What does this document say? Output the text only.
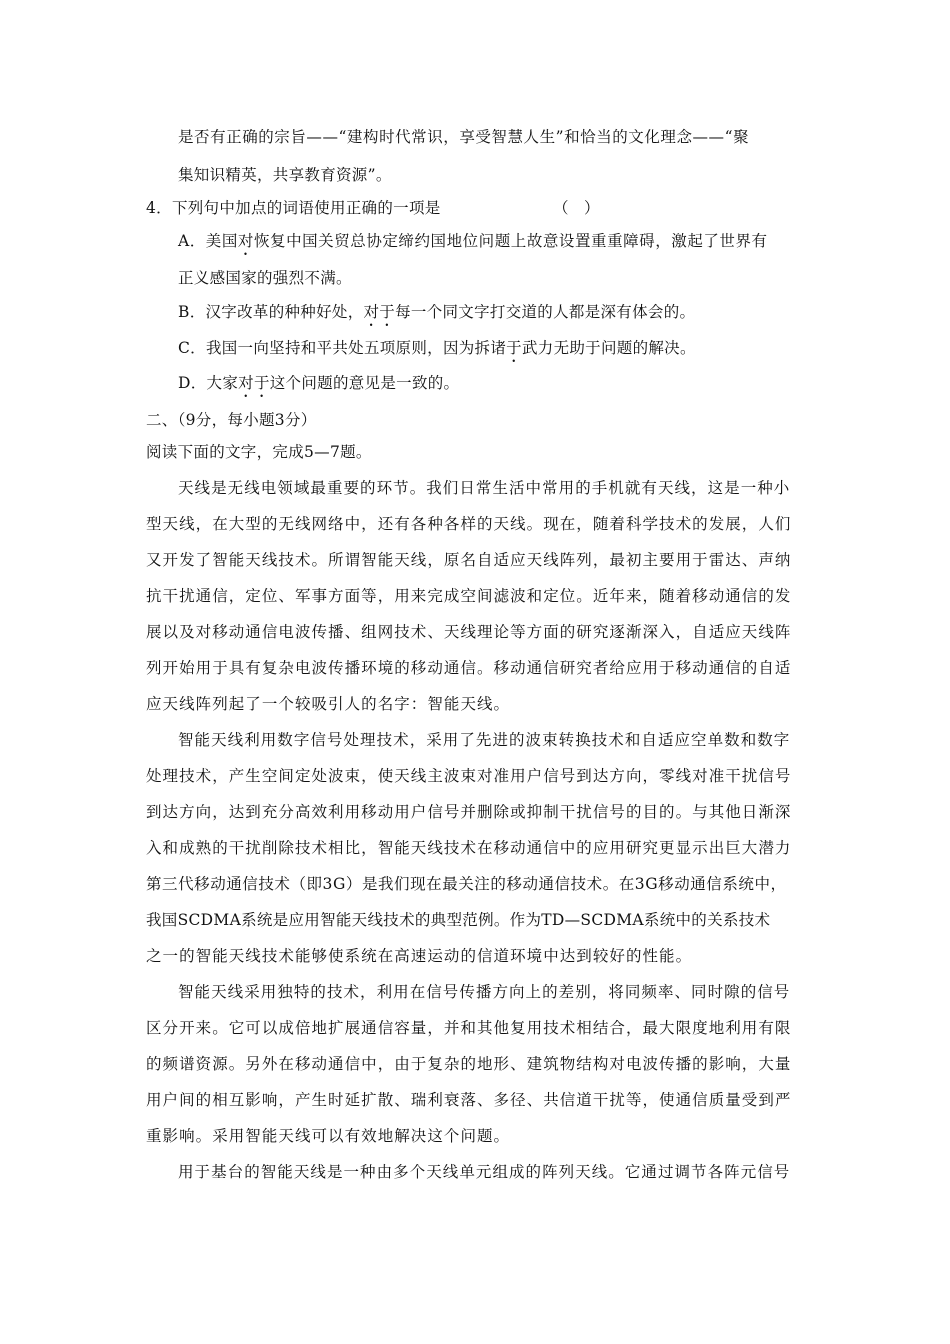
是否有正确的宗旨——“建构时代常识，享受智慧人生”和恰当的文化理念——“聚
集知识精英，共享教育资源”。
4．下列句中加点的词语使用正确的一项是	（　）
A．美国对恢复中国关贸总协定缔约国地位问题上故意设置重重障碍，激起了世界有
正义感国家的强烈不满。
B．汉字改革的种种好处，对于每一个同文字打交道的人都是深有体会的。
C．我国一向坚持和平共处五项原则，因为拆诸于武力无助于问题的解决。
D．大家对于这个问题的意见是一致的。
二、（9分，每小题3分）
阅读下面的文字，完成5—7题。
天线是无线电领域最重要的环节。我们日常生活中常用的手机就有天线，这是一种小
型天线，在大型的无线网络中，还有各种各样的天线。现在，随着科学技术的发展，人们
又开发了智能天线技术。所谓智能天线，原名自适应天线阵列，最初主要用于雷达、声纳
抗干扰通信，定位、军事方面等，用来完成空间滤波和定位。近年来，随着移动通信的发
展以及对移动通信电波传播、组网技术、天线理论等方面的研究逐渐深入，自适应天线阵
列开始用于具有复杂电波传播环境的移动通信。移动通信研究者给应用于移动通信的自适
应天线阵列起了一个较吸引人的名字：智能天线。
智能天线利用数字信号处理技术，采用了先进的波束转换技术和自适应空单数和数字
处理技术，产生空间定处波束，使天线主波束对准用户信号到达方向，零线对准干扰信号
到达方向，达到充分高效利用移动用户信号并删除或抑制干扰信号的目的。与其他日渐深
入和成熟的干扰削除技术相比，智能天线技术在移动通信中的应用研究更显示出巨大潜力
第三代移动通信技术（即3G）是我们现在最关注的移动通信技术。在3G移动通信系统中，
我国SCDMA系统是应用智能天线技术的典型范例。作为TD—SCDMA系统中的关系技术
之一的智能天线技术能够使系统在高速运动的信道环境中达到较好的性能。
智能天线采用独特的技术，利用在信号传播方向上的差别，将同频率、同时隙的信号
区分开来。它可以成倍地扩展通信容量，并和其他复用技术相结合，最大限度地利用有限
的频谱资源。另外在移动通信中，由于复杂的地形、建筑物结构对电波传播的影响，大量
用户间的相互影响，产生时延扩散、瑞利衰落、多径、共信道干扰等，使通信质量受到严
重影响。采用智能天线可以有效地解决这个问题。
用于基台的智能天线是一种由多个天线单元组成的阵列天线。它通过调节各阵元信号
